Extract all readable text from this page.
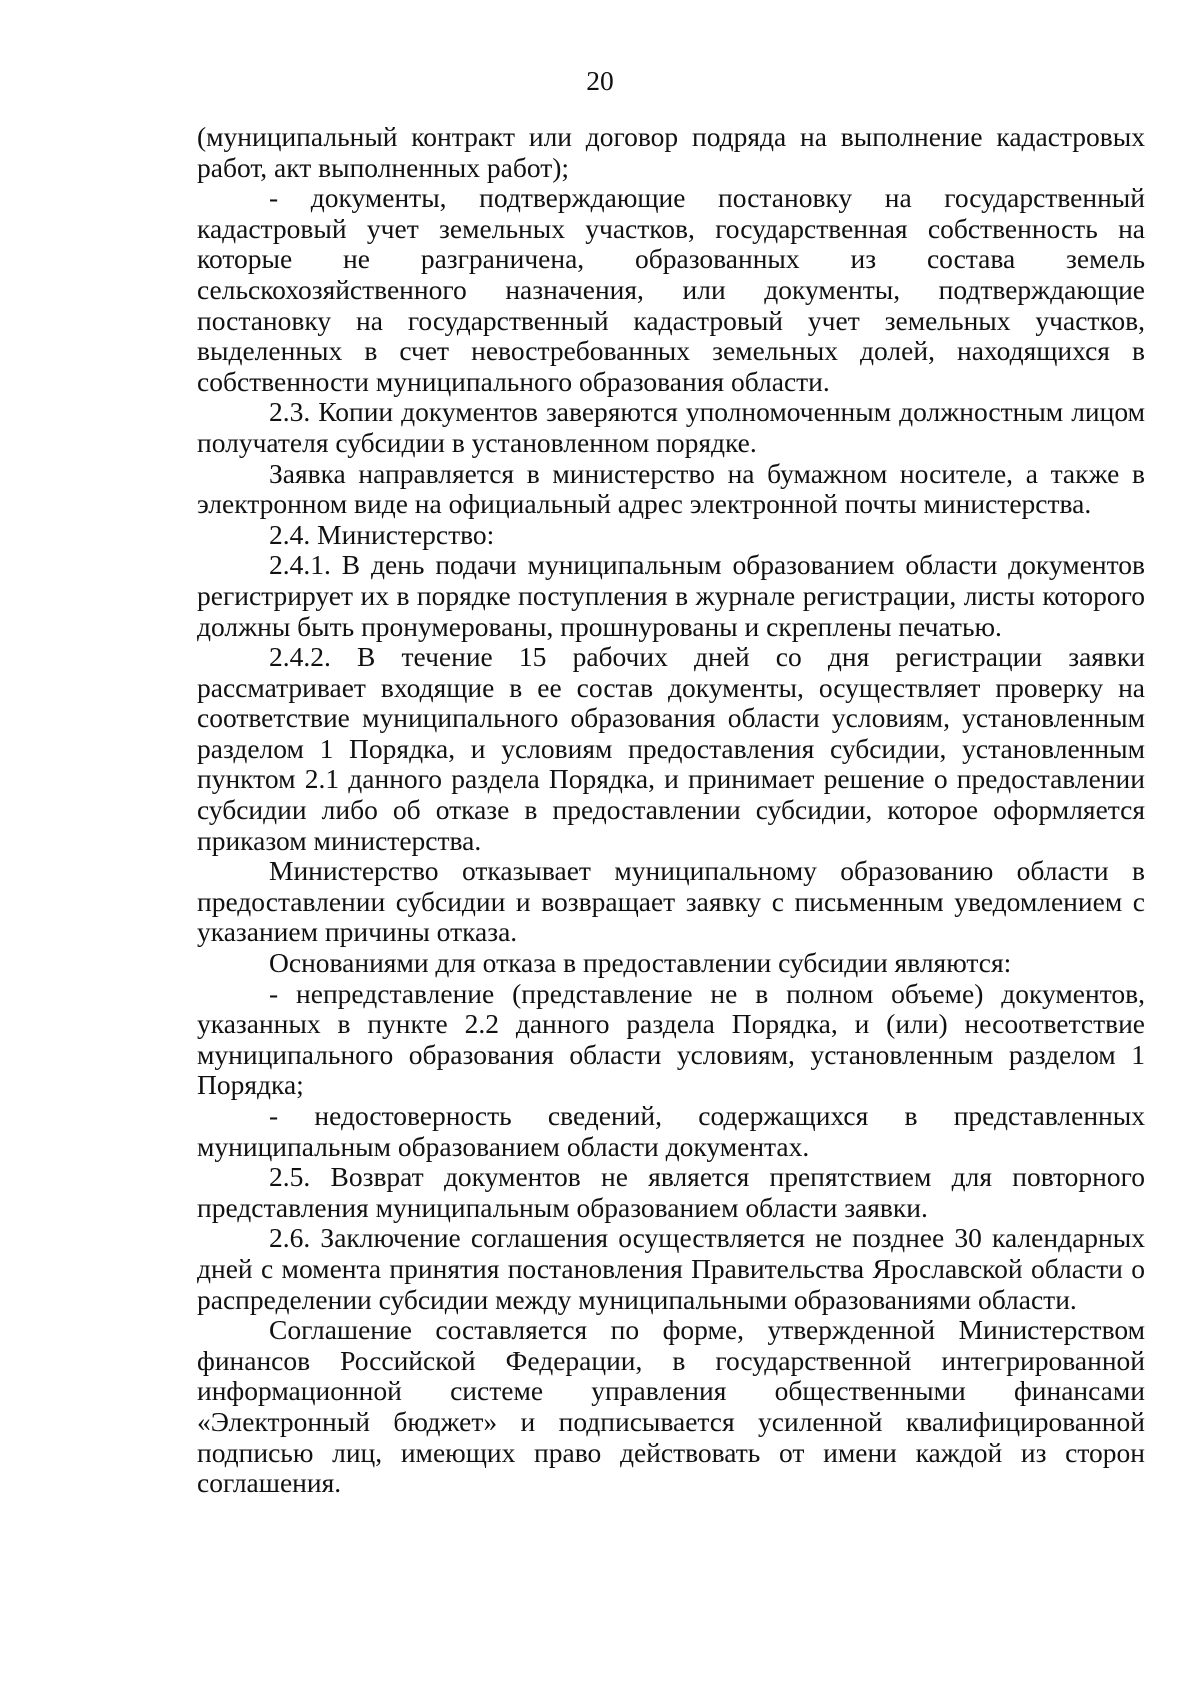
20

(муниципальный контракт или договор подряда на выполнение кадастровых работ, акт выполненных работ);

- документы, подтверждающие постановку на государственный кадастровый учет земельных участков, государственная собственность на которые не разграничена, образованных из состава земель сельскохозяйственного назначения, или документы, подтверждающие постановку на государственный кадастровый учет земельных участков, выделенных в счет невостребованных земельных долей, находящихся в собственности муниципального образования области.

2.3. Копии документов заверяются уполномоченным должностным лицом получателя субсидии в установленном порядке.

Заявка направляется в министерство на бумажном носителе, а также в электронном виде на официальный адрес электронной почты министерства.

2.4. Министерство:

2.4.1. В день подачи муниципальным образованием области документов регистрирует их в порядке поступления в журнале регистрации, листы которого должны быть пронумерованы, прошнурованы и скреплены печатью.

2.4.2. В течение 15 рабочих дней со дня регистрации заявки рассматривает входящие в ее состав документы, осуществляет проверку на соответствие муниципального образования области условиям, установленным разделом 1 Порядка, и условиям предоставления субсидии, установленным пунктом 2.1 данного раздела Порядка, и принимает решение о предоставлении субсидии либо об отказе в предоставлении субсидии, которое оформляется приказом министерства.

Министерство отказывает муниципальному образованию области в предоставлении субсидии и возвращает заявку с письменным уведомлением с указанием причины отказа.

Основаниями для отказа в предоставлении субсидии являются:

- непредставление (представление не в полном объеме) документов, указанных в пункте 2.2 данного раздела Порядка, и (или) несоответствие муниципального образования области условиям, установленным разделом 1 Порядка;

- недостоверность сведений, содержащихся в представленных муниципальным образованием области документах.

2.5. Возврат документов не является препятствием для повторного представления муниципальным образованием области заявки.

2.6. Заключение соглашения осуществляется не позднее 30 календарных дней с момента принятия постановления Правительства Ярославской области о распределении субсидии между муниципальными образованиями области.

Соглашение составляется по форме, утвержденной Министерством финансов Российской Федерации, в государственной интегрированной информационной системе управления общественными финансами «Электронный бюджет» и подписывается усиленной квалифицированной подписью лиц, имеющих право действовать от имени каждой из сторон соглашения.
